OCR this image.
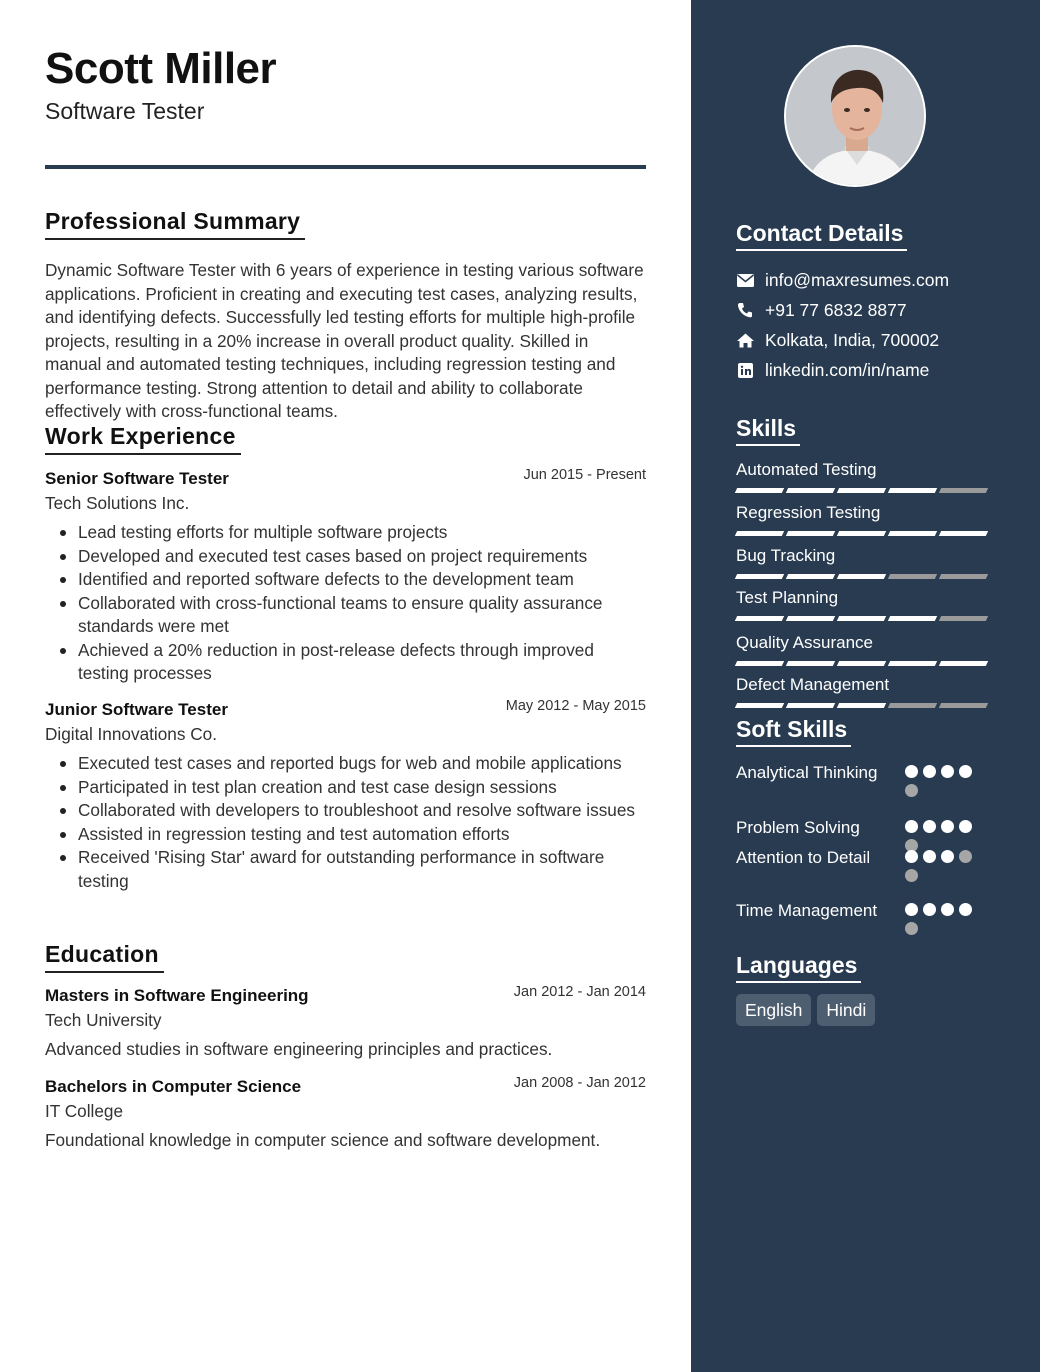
Scott Miller
Software Tester
Professional Summary
Dynamic Software Tester with 6 years of experience in testing various software applications. Proficient in creating and executing test cases, analyzing results, and identifying defects. Successfully led testing efforts for multiple high-profile projects, resulting in a 20% increase in overall product quality. Skilled in manual and automated testing techniques, including regression testing and performance testing. Strong attention to detail and ability to collaborate effectively with cross-functional teams.
Work Experience
Senior Software Tester	Jun 2015 - Present
Tech Solutions Inc.
Lead testing efforts for multiple software projects
Developed and executed test cases based on project requirements
Identified and reported software defects to the development team
Collaborated with cross-functional teams to ensure quality assurance standards were met
Achieved a 20% reduction in post-release defects through improved testing processes
Junior Software Tester	May 2012 - May 2015
Digital Innovations Co.
Executed test cases and reported bugs for web and mobile applications
Participated in test plan creation and test case design sessions
Collaborated with developers to troubleshoot and resolve software issues
Assisted in regression testing and test automation efforts
Received 'Rising Star' award for outstanding performance in software testing
Education
Masters in Software Engineering	Jan 2012 - Jan 2014
Tech University
Advanced studies in software engineering principles and practices.
Bachelors in Computer Science	Jan 2008 - Jan 2012
IT College
Foundational knowledge in computer science and software development.
Contact Details
info@maxresumes.com
+91 77 6832 8877
Kolkata, India, 700002
linkedin.com/in/name
Skills
Automated Testing
Regression Testing
Bug Tracking
Test Planning
Quality Assurance
Defect Management
Soft Skills
Analytical Thinking
Problem Solving
Attention to Detail
Time Management
Languages
English	Hindi
